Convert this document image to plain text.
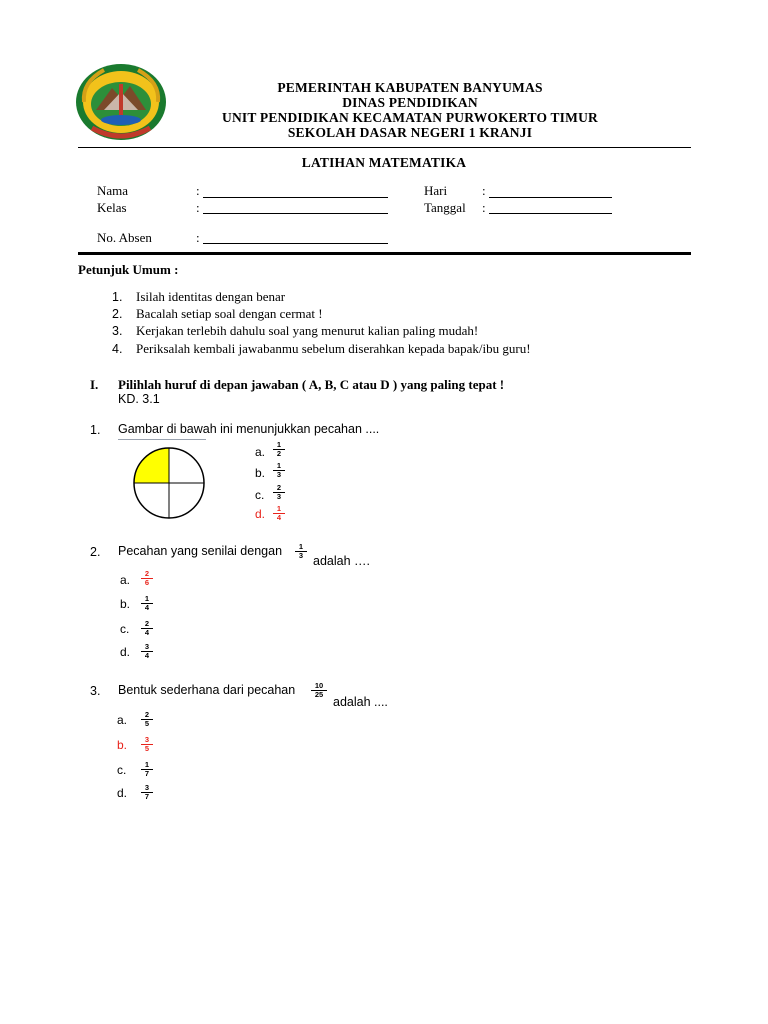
PEMERINTAH KABUPATEN BANYUMAS
DINAS PENDIDIKAN
UNIT PENDIDIKAN KECAMATAN PURWOKERTO TIMUR
SEKOLAH DASAR NEGERI 1 KRANJI
LATIHAN MATEMATIKA
Nama	:
Kelas	:
No. Absen	:
Hari	:
Tanggal :
Petunjuk Umum :
1. Isilah identitas dengan benar
2. Bacalah setiap soal dengan cermat !
3. Kerjakan terlebih dahulu soal yang menurut kalian paling mudah!
4. Periksalah kembali jawabanmu sebelum diserahkan kepada bapak/ibu guru!
I. Pilihlah huruf di depan jawaban ( A, B, C atau D ) yang paling tepat !
KD. 3.1
1. Gambar di bawah ini menunjukkan pecahan ....
a. $\frac{1}{2}$
b. $\frac{1}{3}$
c. $\frac{2}{3}$
d. $\frac{1}{4}$
2. Pecahan yang senilai dengan $\frac{1}{3}$
adalah ….
a. $\frac{2}{6}$
b. $\frac{1}{4}$
c. $\frac{2}{4}$
d. $\frac{3}{4}$
3. Bentuk sederhana dari pecahan $\frac{10}{25}$
adalah ....
a. $\frac{2}{5}$
b. $\frac{3}{5}$
c. $\frac{1}{7}$
d. $\frac{3}{7}$
